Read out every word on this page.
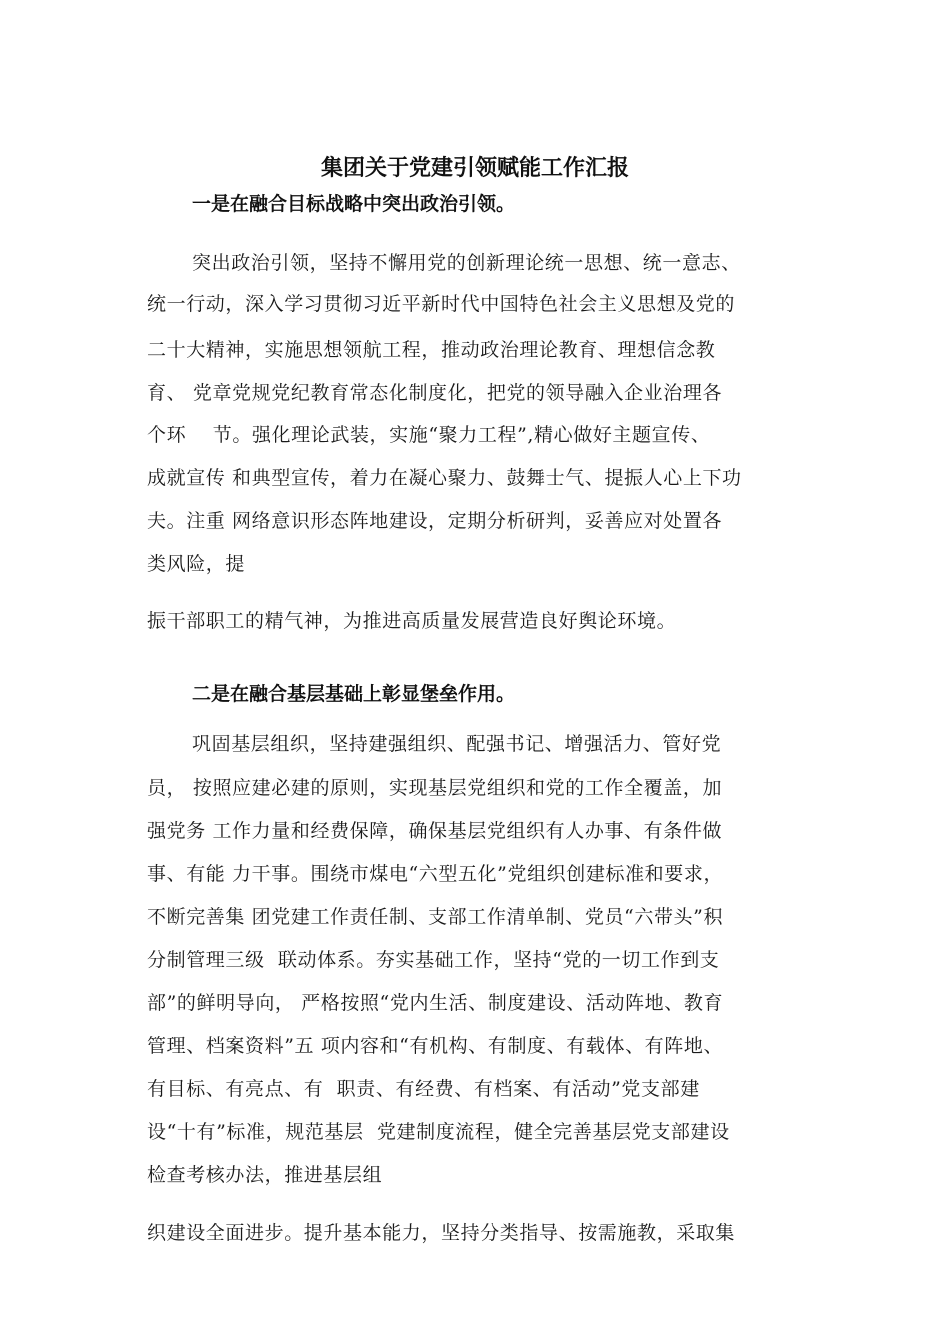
集团关于党建引领赋能工作汇报
一是在融合目标战略中突出政治引领。
突出政治引领，坚持不懈用党的创新理论统一思想、统一意志、
统一行动，深入学习贯彻习近平新时代中国特色社会主义思想及党的
二十大精神，实施思想领航工程，推动政治理论教育、理想信念教
育、 党章党规党纪教育常态化制度化，把党的领导融入企业治理各
个环    节。强化理论武装，实施“聚力工程”,精心做好主题宣传、
成就宣传 和典型宣传，着力在凝心聚力、鼓舞士气、提振人心上下功
夫。注重 网络意识形态阵地建设，定期分析研判，妥善应对处置各
类风险，提
振干部职工的精气神，为推进高质量发展营造良好舆论环境。
二是在融合基层基础上彰显堡垒作用。
巩固基层组织，坚持建强组织、配强书记、增强活力、管好党
员， 按照应建必建的原则，实现基层党组织和党的工作全覆盖，加
强党务 工作力量和经费保障，确保基层党组织有人办事、有条件做
事、有能 力干事。围绕市煤电“六型五化”党组织创建标准和要求，
不断完善集 团党建工作责任制、支部工作清单制、党员“六带头”积
分制管理三级  联动体系。夯实基础工作，坚持“党的一切工作到支
部”的鲜明导向， 严格按照“党内生活、制度建设、活动阵地、教育
管理、档案资料”五 项内容和“有机构、有制度、有载体、有阵地、
有目标、有亮点、有  职责、有经费、有档案、有活动”党支部建
设“十有”标准，规范基层  党建制度流程，健全完善基层党支部建设
检查考核办法，推进基层组
织建设全面进步。提升基本能力，坚持分类指导、按需施教，采取集
